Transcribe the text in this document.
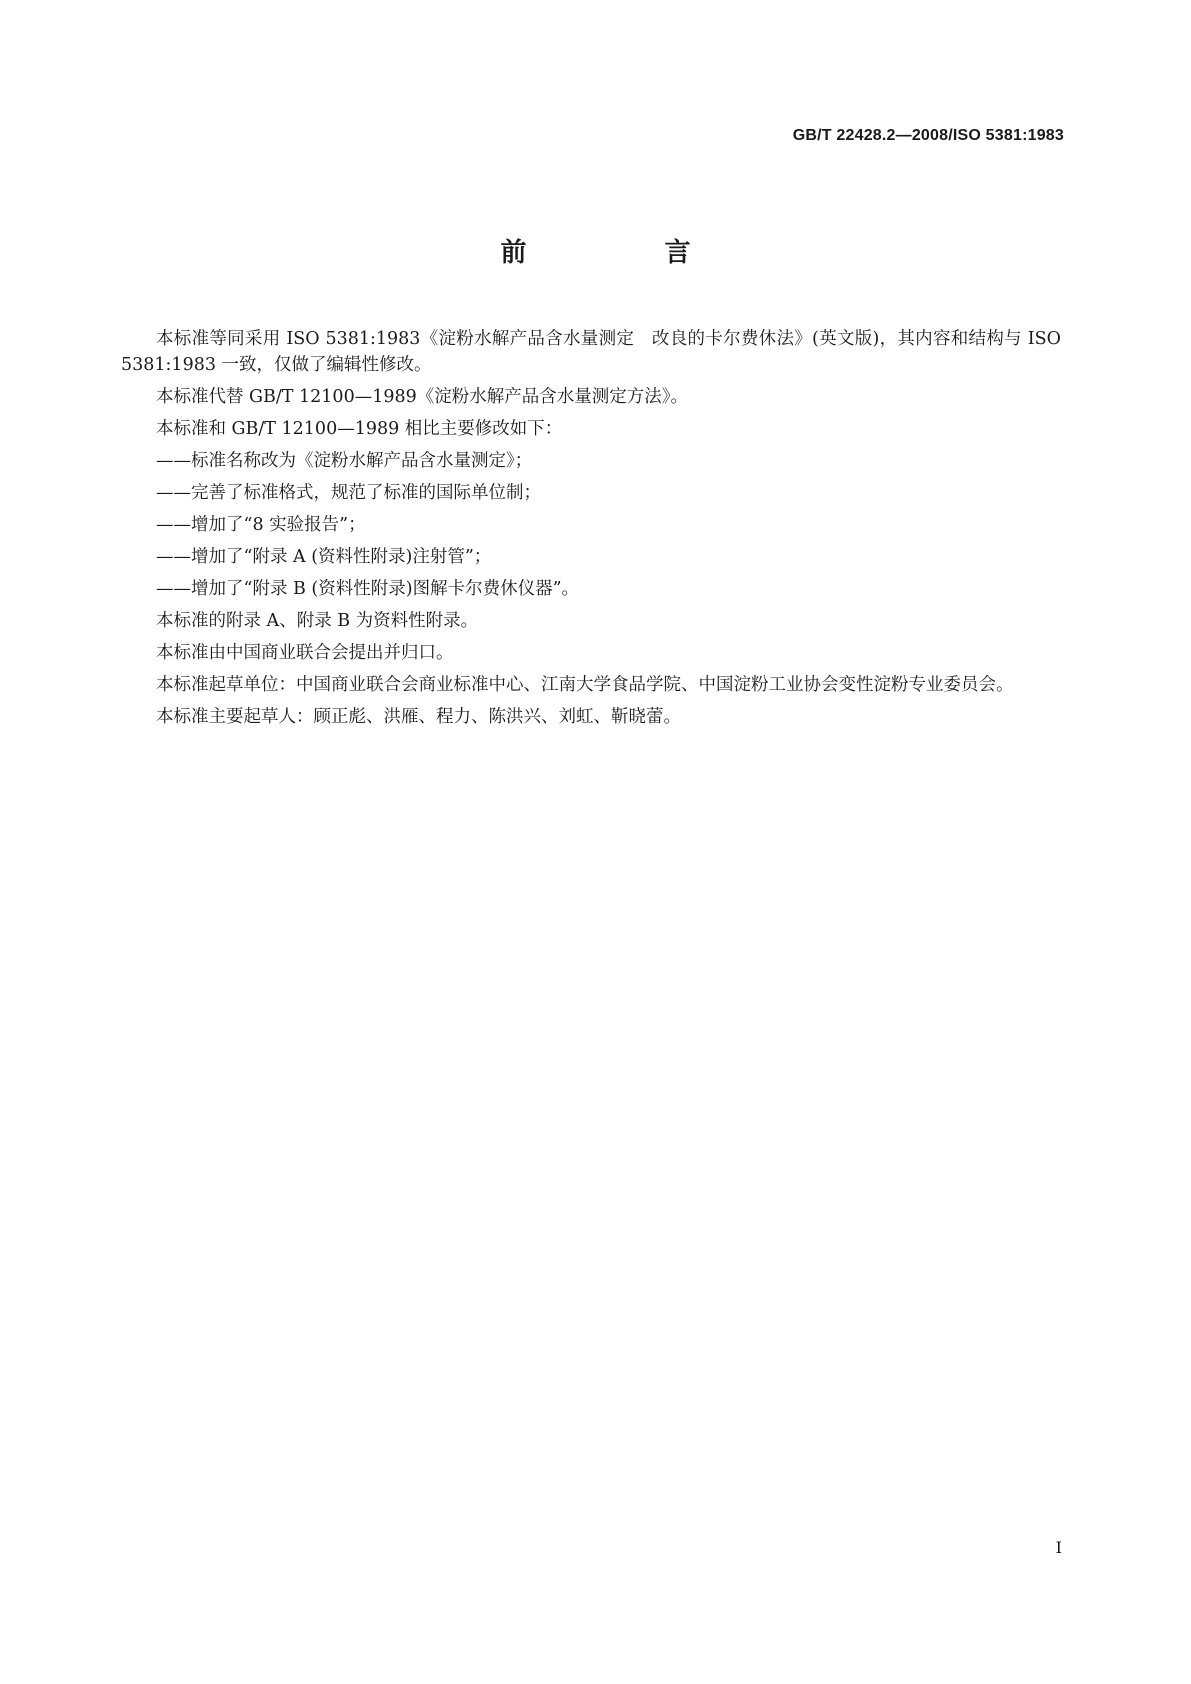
GB/T 22428.2—2008/ISO 5381:1983
前　言

本标准等同采用 ISO 5381:1983《淀粉水解产品含水量测定　改良的卡尔费休法》(英文版)，其内容和结构与 ISO 5381:1983 一致，仅做了编辑性修改。

本标准代替 GB/T 12100—1989《淀粉水解产品含水量测定方法》。

本标准和 GB/T 12100—1989 相比主要修改如下：

——标准名称改为《淀粉水解产品含水量测定》；

——完善了标准格式，规范了标准的国际单位制；

——增加了“8 实验报告”；

——增加了“附录 A (资料性附录)注射管”；

——增加了“附录 B (资料性附录)图解卡尔费休仪器”。

本标准的附录 A、附录 B 为资料性附录。

本标准由中国商业联合会提出并归口。

本标准起草单位：中国商业联合会商业标准中心、江南大学食品学院、中国淀粉工业协会变性淀粉专业委员会。

本标准主要起草人：顾正彪、洪雁、程力、陈洪兴、刘虹、靳晓蕾。

I
